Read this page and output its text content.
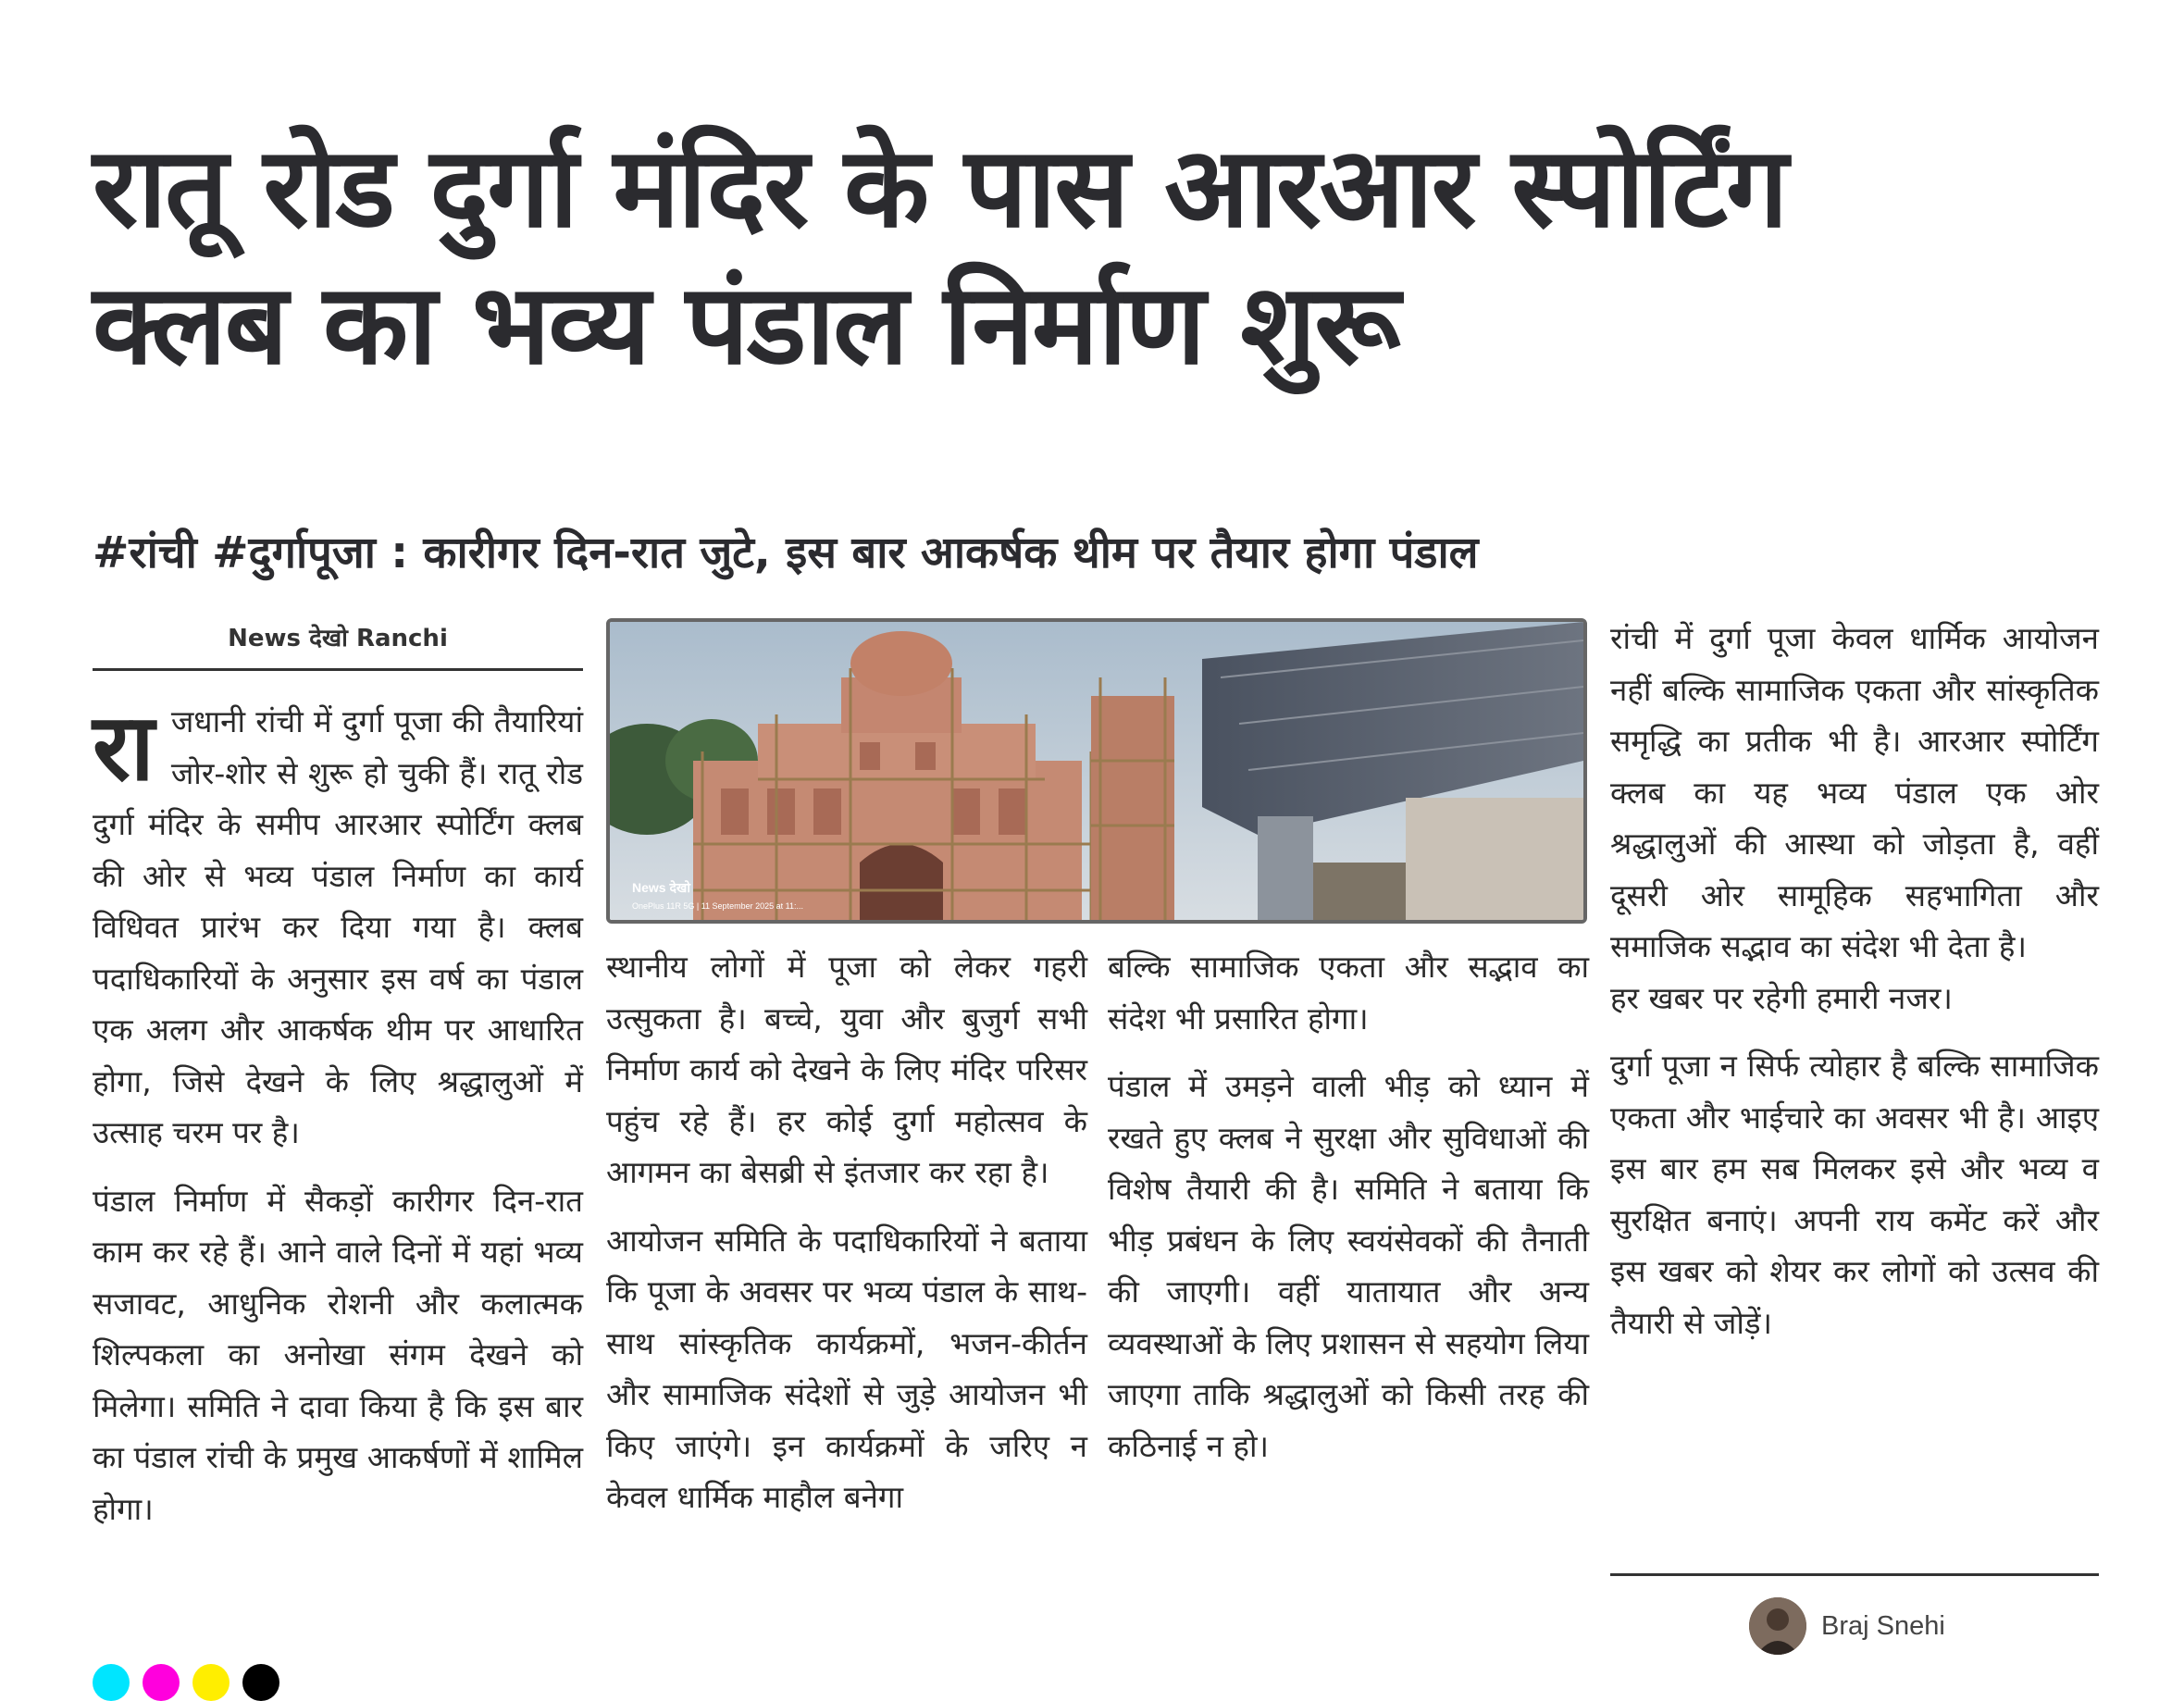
रातू रोड दुर्गा मंदिर के पास आरआर स्पोर्टिंग
क्लब का भव्य पंडाल निर्माण शुरू
#रांची #दुर्गापूजा : कारीगर दिन-रात जुटे, इस बार आकर्षक थीम पर तैयार होगा पंडाल
News देखो Ranchi

राजधानी रांची में दुर्गा पूजा की तैयारियां जोर-शोर से शुरू हो चुकी हैं। रातू रोड दुर्गा मंदिर के समीप आरआर स्पोर्टिंग क्लब की ओर से भव्य पंडाल निर्माण का कार्य विधिवत प्रारंभ कर दिया गया है। क्लब पदाधिकारियों के अनुसार इस वर्ष का पंडाल एक अलग और आकर्षक थीम पर आधारित होगा, जिसे देखने के लिए श्रद्धालुओं में उत्साह चरम पर है।

पंडाल निर्माण में सैकड़ों कारीगर दिन-रात काम कर रहे हैं। आने वाले दिनों में यहां भव्य सजावट, आधुनिक रोशनी और कलात्मक शिल्पकला का अनोखा संगम देखने को मिलेगा। समिति ने दावा किया है कि इस बार का पंडाल रांची के प्रमुख आकर्षणों में शामिल होगा।

News देखो
OnePlus 11R 5G | 11 September 2025 at 11:...

स्थानीय लोगों में पूजा को लेकर गहरी उत्सुकता है। बच्चे, युवा और बुजुर्ग सभी निर्माण कार्य को देखने के लिए मंदिर परिसर पहुंच रहे हैं। हर कोई दुर्गा महोत्सव के आगमन का बेसब्री से इंतजार कर रहा है।

आयोजन समिति के पदाधिकारियों ने बताया कि पूजा के अवसर पर भव्य पंडाल के साथ-साथ सांस्कृतिक कार्यक्रमों, भजन-कीर्तन और सामाजिक संदेशों से जुड़े आयोजन भी किए जाएंगे। इन कार्यक्रमों के जरिए न केवल धार्मिक माहौल बनेगा

बल्कि सामाजिक एकता और सद्भाव का संदेश भी प्रसारित होगा।

पंडाल में उमड़ने वाली भीड़ को ध्यान में रखते हुए क्लब ने सुरक्षा और सुविधाओं की विशेष तैयारी की है। समिति ने बताया कि भीड़ प्रबंधन के लिए स्वयंसेवकों की तैनाती की जाएगी। वहीं यातायात और अन्य व्यवस्थाओं के लिए प्रशासन से सहयोग लिया जाएगा ताकि श्रद्धालुओं को किसी तरह की कठिनाई न हो।

रांची में दुर्गा पूजा केवल धार्मिक आयोजन नहीं बल्कि सामाजिक एकता और सांस्कृतिक समृद्धि का प्रतीक भी है। आरआर स्पोर्टिंग क्लब का यह भव्य पंडाल एक ओर श्रद्धालुओं की आस्था को जोड़ता है, वहीं दूसरी ओर सामूहिक सहभागिता और समाजिक सद्भाव का संदेश भी देता है।

हर खबर पर रहेगी हमारी नजर।

दुर्गा पूजा न सिर्फ त्योहार है बल्कि सामाजिक एकता और भाईचारे का अवसर भी है। आइए इस बार हम सब मिलकर इसे और भव्य व सुरक्षित बनाएं। अपनी राय कमेंट करें और इस खबर को शेयर कर लोगों को उत्सव की तैयारी से जोड़ें।

Braj Snehi
